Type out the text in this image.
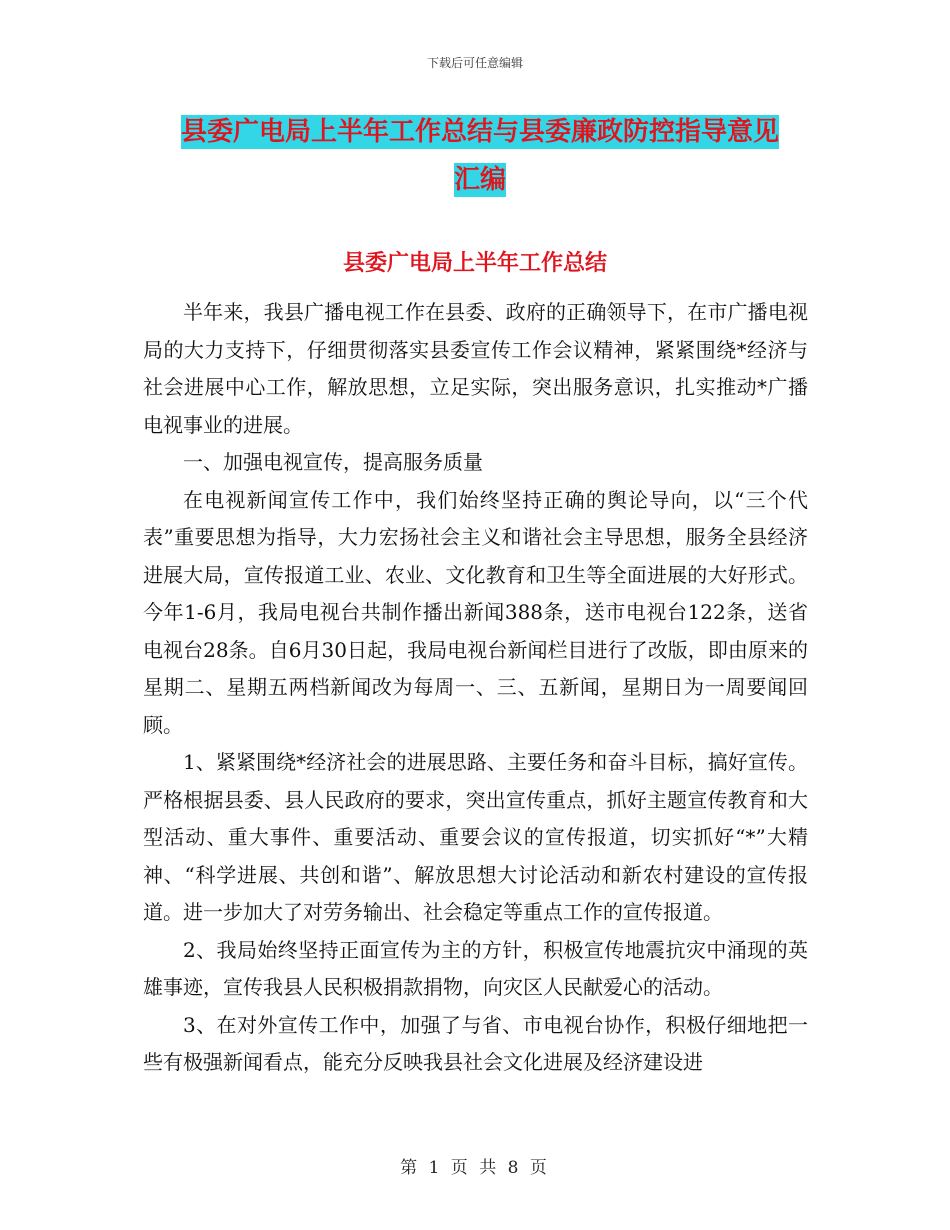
下载后可任意编辑
县委广电局上半年工作总结与县委廉政防控指导意见
汇编
县委广电局上半年工作总结

半年来，我县广播电视工作在县委、政府的正确领导下，在市广播电视局的大力支持下，仔细贯彻落实县委宣传工作会议精神，紧紧围绕*经济与社会进展中心工作，解放思想，立足实际，突出服务意识，扎实推动*广播电视事业的进展。

一、加强电视宣传，提高服务质量

在电视新闻宣传工作中，我们始终坚持正确的舆论导向，以“三个代表”重要思想为指导，大力宏扬社会主义和谐社会主导思想，服务全县经济进展大局，宣传报道工业、农业、文化教育和卫生等全面进展的大好形式。今年1-6月，我局电视台共制作播出新闻388条，送市电视台122条，送省电视台28条。自6月30日起，我局电视台新闻栏目进行了改版，即由原来的星期二、星期五两档新闻改为每周一、三、五新闻，星期日为一周要闻回顾。

1、紧紧围绕*经济社会的进展思路、主要任务和奋斗目标，搞好宣传。严格根据县委、县人民政府的要求，突出宣传重点，抓好主题宣传教育和大型活动、重大事件、重要活动、重要会议的宣传报道，切实抓好“*”大精神、“科学进展、共创和谐”、解放思想大讨论活动和新农村建设的宣传报道。进一步加大了对劳务输出、社会稳定等重点工作的宣传报道。

2、我局始终坚持正面宣传为主的方针，积极宣传地震抗灾中涌现的英雄事迹，宣传我县人民积极捐款捐物，向灾区人民献爱心的活动。

3、在对外宣传工作中，加强了与省、市电视台协作，积极仔细地把一些有极强新闻看点，能充分反映我县社会文化进展及经济建设进

第 1 页 共 8 页
